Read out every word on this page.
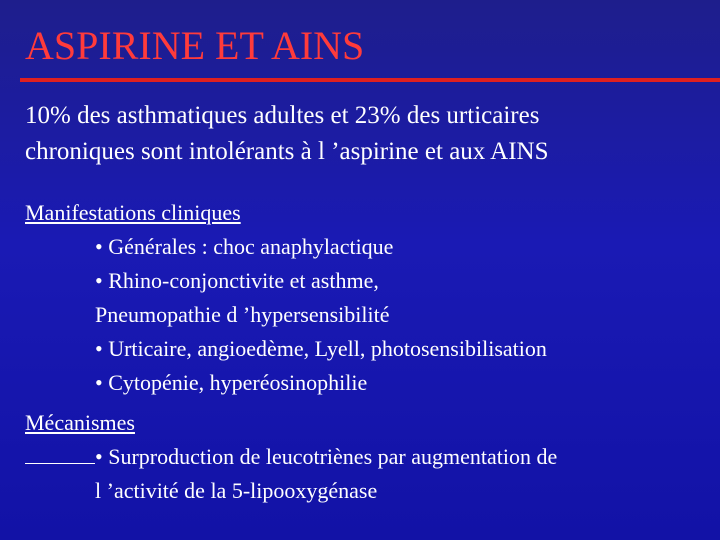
ASPIRINE ET AINS
10% des asthmatiques adultes et 23% des urticaires
chroniques sont intolérants à l ’aspirine et aux AINS
Manifestations cliniques
• Générales : choc anaphylactique
• Rhino-conjonctivite et asthme,
Pneumopathie d ’hypersensibilité
• Urticaire, angioedème, Lyell, photosensibilisation
• Cytopénie, hyperéosinophilie
Mécanismes
• Surproduction de leucotriènes par augmentation de
l ’activité de la 5-lipooxygénase
